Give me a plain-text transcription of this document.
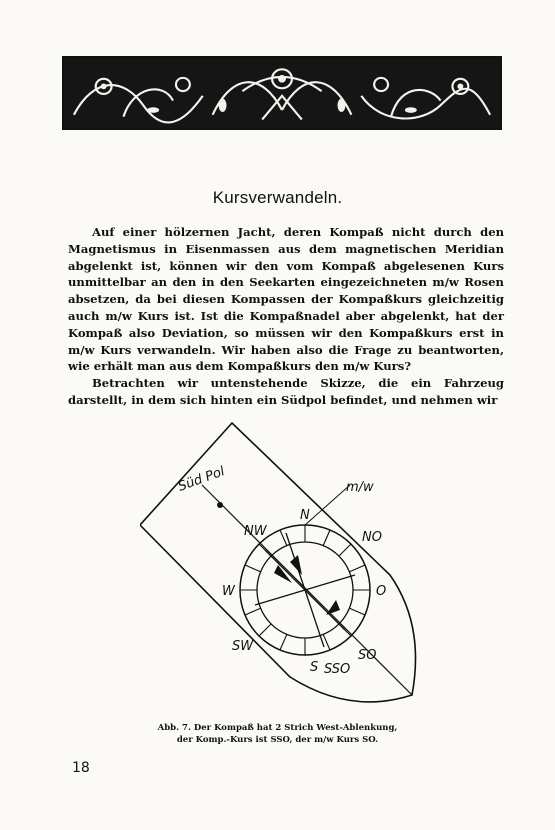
Kursverwandeln.

Auf einer hölzernen Jacht, deren Kompaß nicht durch den Magnetismus in Eisenmassen aus dem magnetischen Meridian abgelenkt ist, können wir den vom Kompaß abgelesenen Kurs unmittelbar an den in den Seekarten eingezeichneten m/w Rosen absetzen, da bei diesen Kompassen der Kompaßkurs gleichzeitig auch m/w Kurs ist. Ist die Kompaßnadel aber abgelenkt, hat der Kompaß also Deviation, so müssen wir den Kompaßkurs erst in m/w Kurs verwandeln. Wir haben also die Frage zu beantworten, wie erhält man aus dem Kompaßkurs den m/w Kurs?

Betrachten wir untenstehende Skizze, die ein Fahrzeug darstellt, in dem sich hinten ein Südpol befindet, und nehmen wir

Süd Pol	m/w
N
NW	NO
W	O
SW
S SSO
SO
Abb. 7. Der Kompaß hat 2 Strich West-Ablenkung,
der Komp.-Kurs ist SSO, der m/w Kurs SO.
18
